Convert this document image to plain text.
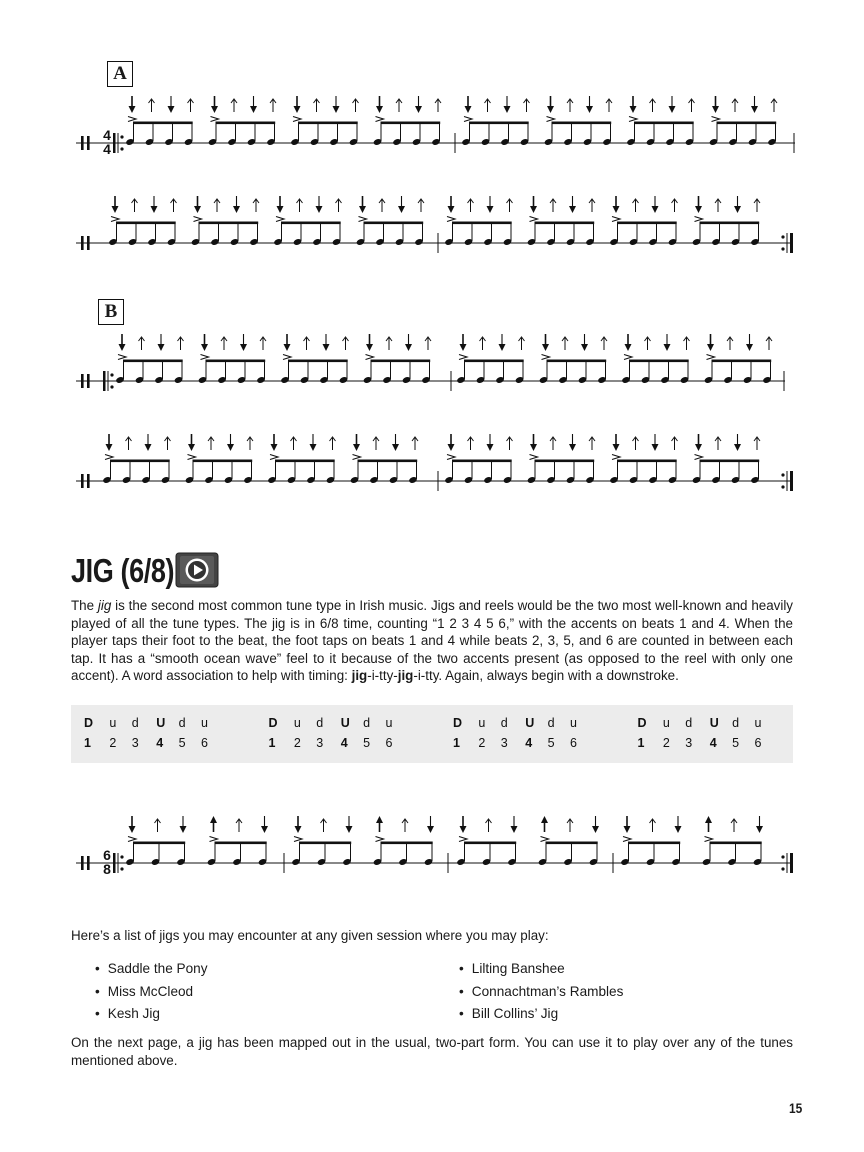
A
4
4
B
JIG (6/8)
The jig is the second most common tune type in Irish music. Jigs and reels would be the two most well-known and heavily played of all the tune types. The jig is in 6/8 time, counting “1 2 3 4 5 6,” with the accents on beats 1 and 4. When the player taps their foot to the beat, the foot taps on beats 1 and 4 while beats 2, 3, 5, and 6 are counted in between each tap. It has a “smooth ocean wave” feel to it because of the two accents present (as opposed to the reel with only one accent). A word association to help with timing: jig-i-tty-jig-i-tty. Again, always begin with a downstroke.
D
1
u
2
d
3
U
4
d
5
u
6
D
1
u
2
d
3
U
4
d
5
u
6
D
1
u
2
d
3
U
4
d
5
u
6
D
1
u
2
d
3
U
4
d
5
u
6
6
8
Here’s a list of jigs you may encounter at any given session where you may play:
• Saddle the Pony
• Miss McCleod
• Kesh Jig
• Lilting Banshee
• Connachtman’s Rambles
• Bill Collins’ Jig
On the next page, a jig has been mapped out in the usual, two-part form. You can use it to play over any of the tunes mentioned above.
15
